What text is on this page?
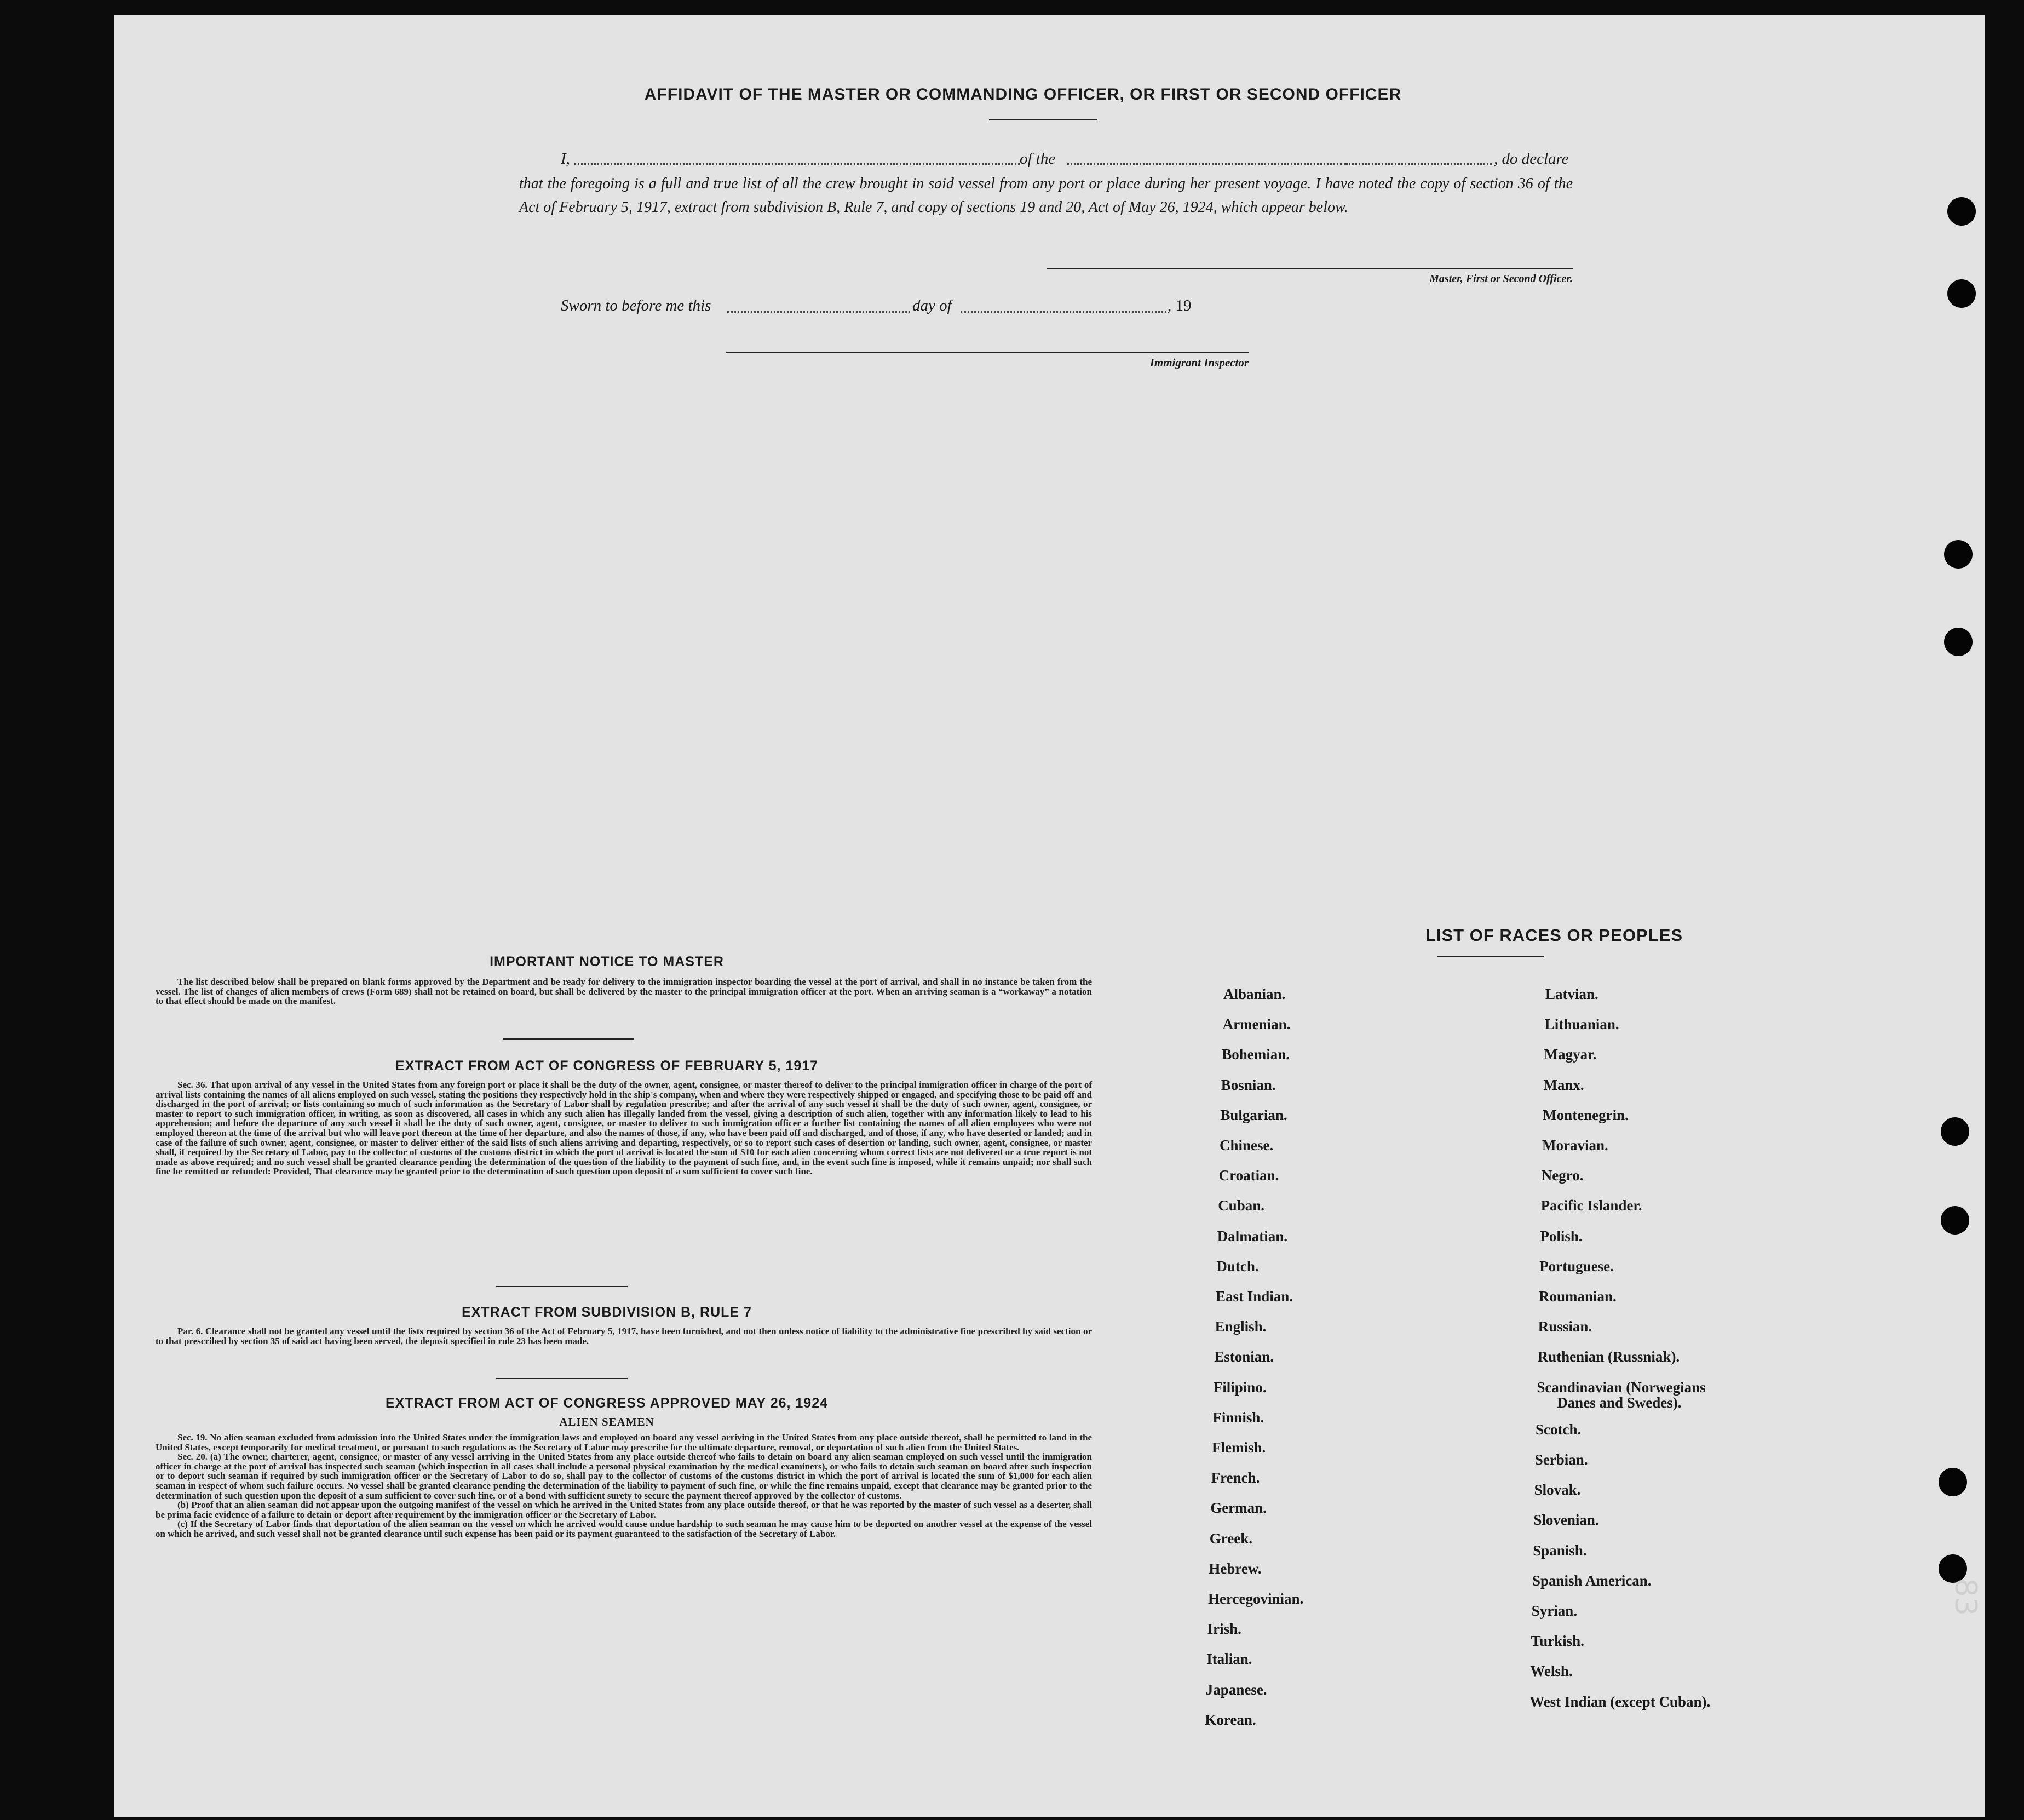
AFFIDAVIT OF THE MASTER OR COMMANDING OFFICER, OR FIRST OR SECOND OFFICER
I,	of the	, do declare
that the foregoing is a full and true list of all the crew brought in said vessel from any port or place during her present voyage. I have noted the copy of section 36 of the Act of February 5, 1917, extract from subdivision B, Rule 7, and copy of sections 19 and 20, Act of May 26, 1924, which appear below.
Master, First or Second Officer.
Sworn to before me this	day of	, 19
Immigrant Inspector
IMPORTANT NOTICE TO MASTER

The list described below shall be prepared on blank forms approved by the Department and be ready for delivery to the immigration inspector boarding the vessel at the port of arrival, and shall in no instance be taken from the vessel. The list of changes of alien members of crews (Form 689) shall not be retained on board, but shall be delivered by the master to the principal immigration officer at the port. When an arriving seaman is a “workaway” a notation to that effect should be made on the manifest.

EXTRACT FROM ACT OF CONGRESS OF FEBRUARY 5, 1917

Sec. 36. That upon arrival of any vessel in the United States from any foreign port or place it shall be the duty of the owner, agent, consignee, or master thereof to deliver to the principal immigration officer in charge of the port of arrival lists containing the names of all aliens employed on such vessel, stating the positions they respectively hold in the ship's company, when and where they were respectively shipped or engaged, and specifying those to be paid off and discharged in the port of arrival; or lists containing so much of such information as the Secretary of Labor shall by regulation prescribe; and after the arrival of any such vessel it shall be the duty of such owner, agent, consignee, or master to report to such immigration officer, in writing, as soon as discovered, all cases in which any such alien has illegally landed from the vessel, giving a description of such alien, together with any information likely to lead to his apprehension; and before the departure of any such vessel it shall be the duty of such owner, agent, consignee, or master to deliver to such immigration officer a further list containing the names of all alien employees who were not employed thereon at the time of the arrival but who will leave port thereon at the time of her departure, and also the names of those, if any, who have been paid off and discharged, and of those, if any, who have deserted or landed; and in case of the failure of such owner, agent, consignee, or master to deliver either of the said lists of such aliens arriving and departing, respectively, or so to report such cases of desertion or landing, such owner, agent, consignee, or master shall, if required by the Secretary of Labor, pay to the collector of customs of the customs district in which the port of arrival is located the sum of $10 for each alien concerning whom correct lists are not delivered or a true report is not made as above required; and no such vessel shall be granted clearance pending the determination of the question of the liability to the payment of such fine, and, in the event such fine is imposed, while it remains unpaid; nor shall such fine be remitted or refunded: Provided, That clearance may be granted prior to the determination of such question upon deposit of a sum sufficient to cover such fine.

EXTRACT FROM SUBDIVISION B, RULE 7

Par. 6. Clearance shall not be granted any vessel until the lists required by section 36 of the Act of February 5, 1917, have been furnished, and not then unless notice of liability to the administrative fine prescribed by said section or to that prescribed by section 35 of said act having been served, the deposit specified in rule 23 has been made.

EXTRACT FROM ACT OF CONGRESS APPROVED MAY 26, 1924
ALIEN SEAMEN

Sec. 19. No alien seaman excluded from admission into the United States under the immigration laws and employed on board any vessel arriving in the United States from any place outside thereof, shall be permitted to land in the United States, except temporarily for medical treatment, or pursuant to such regulations as the Secretary of Labor may prescribe for the ultimate departure, removal, or deportation of such alien from the United States.

Sec. 20. (a) The owner, charterer, agent, consignee, or master of any vessel arriving in the United States from any place outside thereof who fails to detain on board any alien seaman employed on such vessel until the immigration officer in charge at the port of arrival has inspected such seaman (which inspection in all cases shall include a personal physical examination by the medical examiners), or who fails to detain such seaman on board after such inspection or to deport such seaman if required by such immigration officer or the Secretary of Labor to do so, shall pay to the collector of customs of the customs district in which the port of arrival is located the sum of $1,000 for each alien seaman in respect of whom such failure occurs. No vessel shall be granted clearance pending the determination of the liability to payment of such fine, or while the fine remains unpaid, except that clearance may be granted prior to the determination of such question upon the deposit of a sum sufficient to cover such fine, or of a bond with sufficient surety to secure the payment thereof approved by the collector of customs.

(b) Proof that an alien seaman did not appear upon the outgoing manifest of the vessel on which he arrived in the United States from any place outside thereof, or that he was reported by the master of such vessel as a deserter, shall be prima facie evidence of a failure to detain or deport after requirement by the immigration officer or the Secretary of Labor.

(c) If the Secretary of Labor finds that deportation of the alien seaman on the vessel on which he arrived would cause undue hardship to such seaman he may cause him to be deported on another vessel at the expense of the vessel on which he arrived, and such vessel shall not be granted clearance until such expense has been paid or its payment guaranteed to the satisfaction of the Secretary of Labor.

LIST OF RACES OR PEOPLES
Albanian.
Armenian.
Bohemian.
Bosnian.
Bulgarian.
Chinese.
Croatian.
Cuban.
Dalmatian.
Dutch.
East Indian.
English.
Estonian.
Filipino.
Finnish.
Flemish.
French.
German.
Greek.
Hebrew.
Hercegovinian.
Irish.
Italian.
Japanese.
Korean.
Latvian.
Lithuanian.
Magyar.
Manx.
Montenegrin.
Moravian.
Negro.
Pacific Islander.
Polish.
Portuguese.
Roumanian.
Russian.
Ruthenian (Russniak).
Scandinavian (Norwegians
Danes and Swedes).
Scotch.
Serbian.
Slovak.
Slovenian.
Spanish.
Spanish American.
Syrian.
Turkish.
Welsh.
West Indian (except Cuban).
83
